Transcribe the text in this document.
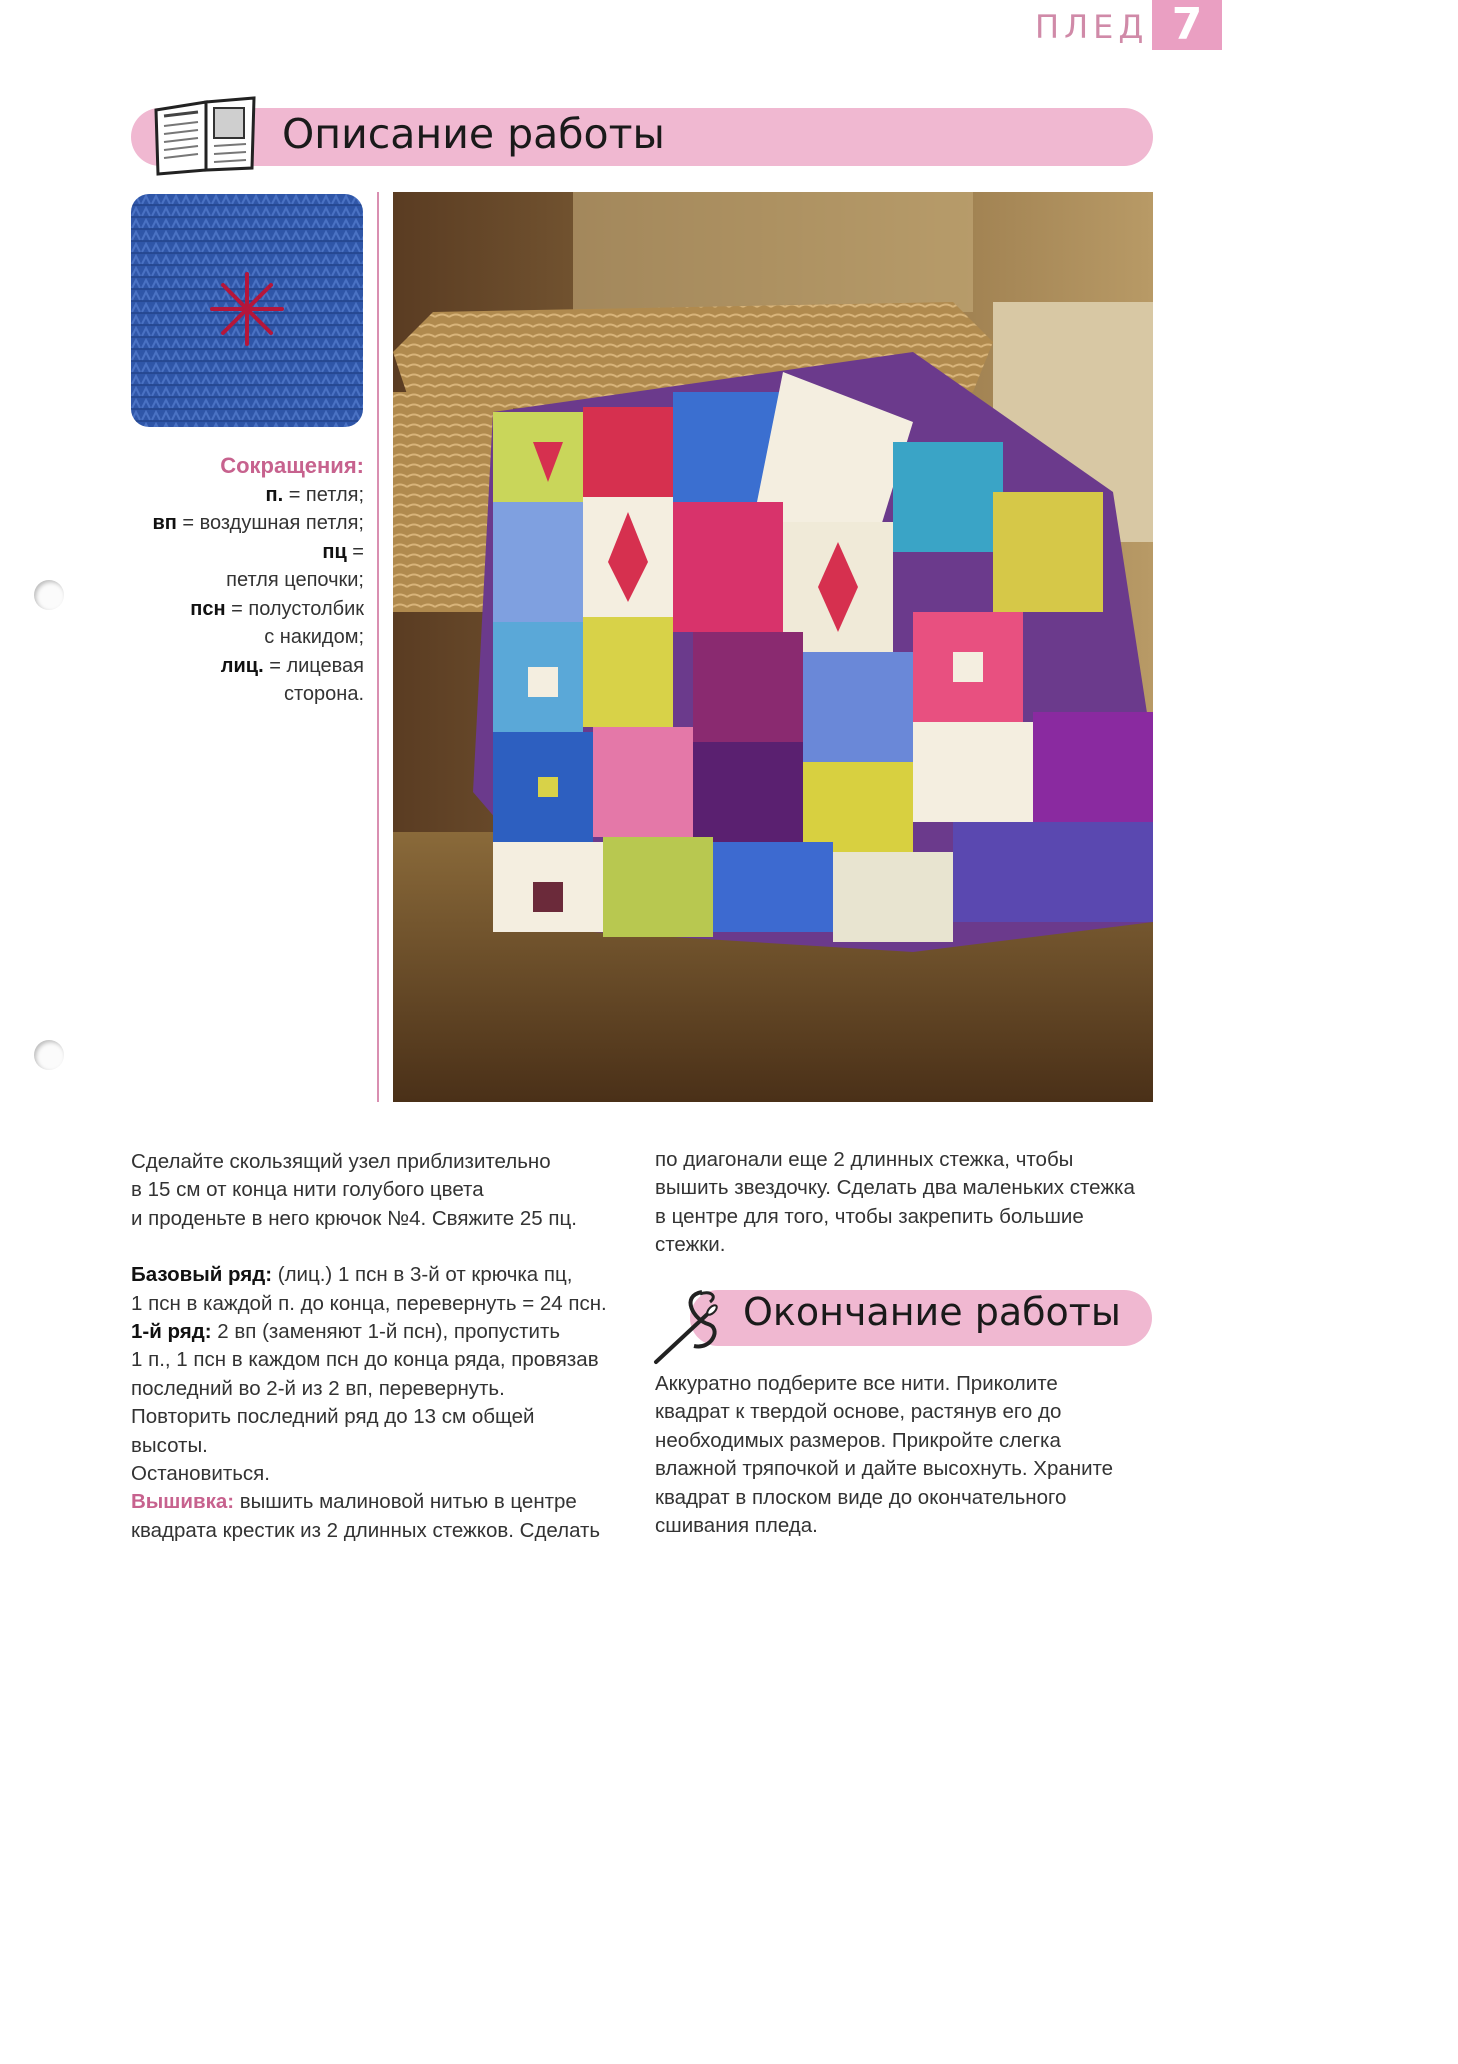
ПЛЕД 7
Описание работы
Сокращения:
п. = петля;
вп = воздушная петля;
пц =
петля цепочки;
псн = полустолбик
с накидом;
лиц. = лицевая
сторона.

Сделайте скользящий узел приблизительно

в 15 см от конца нити голубого цвета

и проденьте в него крючок №4. Свяжите 25 пц.

Базовый ряд: (лиц.) 1 псн в 3-й от крючка пц,

1 псн в каждой п. до конца, перевернуть = 24 псн.

1-й ряд: 2 вп (заменяют 1-й псн), пропустить

1 п., 1 псн в каждом псн до конца ряда, провязав

последний во 2-й из 2 вп, перевернуть.

Повторить последний ряд до 13 см общей

высоты.

Остановиться.

Вышивка: вышить малиновой нитью в центре

квадрата крестик из 2 длинных стежков. Сделать

по диагонали еще 2 длинных стежка, чтобы

вышить звездочку. Сделать два маленьких стежка

в центре для того, чтобы закрепить большие

стежки.

Окончание работы

Аккуратно подберите все нити. Приколите

квадрат к твердой основе, растянув его до

необходимых размеров. Прикройте слегка

влажной тряпочкой и дайте высохнуть. Храните

квадрат в плоском виде до окончательного

сшивания пледа.
